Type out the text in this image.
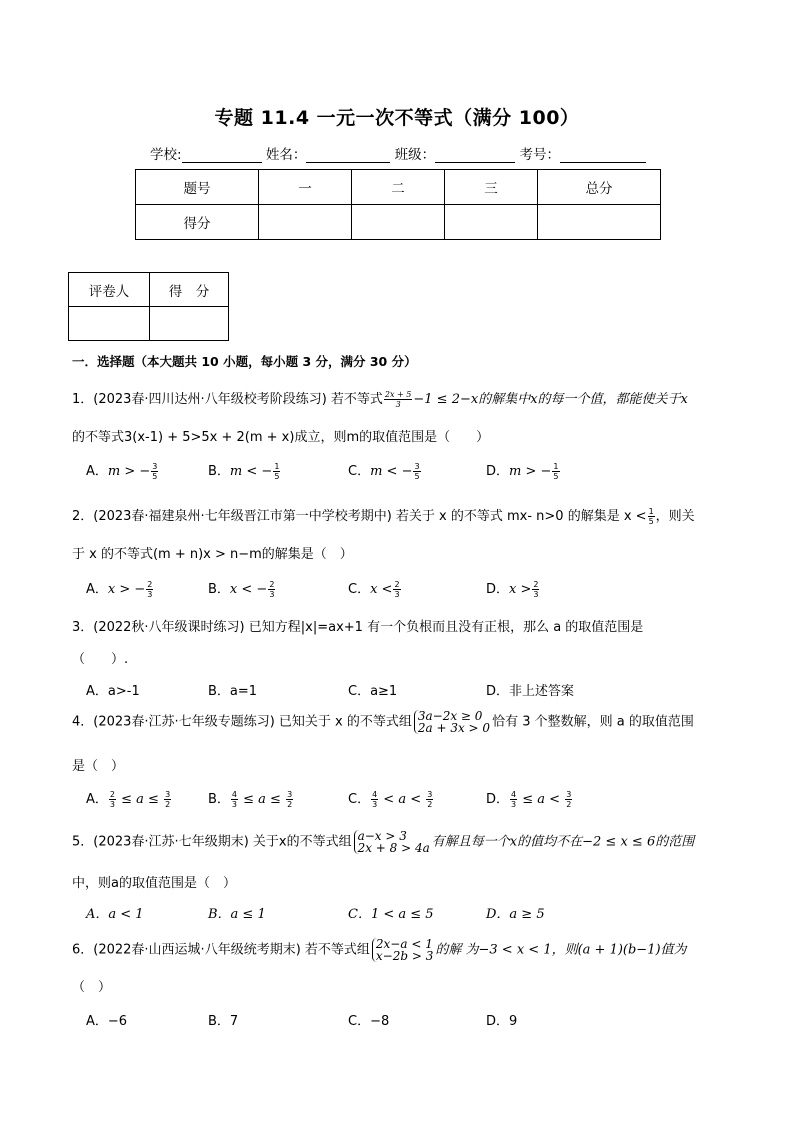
专题 11.4 一元一次不等式（满分 100）
学校:	姓名：	班级：	考号：
题号	一	二	三	总分
得分				
评卷人	得　分

一．选择题（本大题共 10 小题，每小题 3 分，满分 30 分）
1．(2023春·四川达州·八年级校考阶段练习) 若不等式 $\frac{2x + 5}{3} -1 \le 2-x$的解集中x的每一个值，都能使关于x
的不等式3(x-1) + 5>5x + 2(m + x)成立，则m的取值范围是（　　）
A．m > − $\frac{3}{5}$	B．m < − $\frac{1}{5}$	C．m < − $\frac{3}{5}$	D．m > − $\frac{1}{5}$
2．(2023春·福建泉州·七年级晋江市第一中学校考期中) 若关于 x 的不等式 mx- n>0 的解集是 $x < \frac{1}{5}$ ，则关
于 x 的不等式(m + n)x > n−m的解集是（　）
A．x > − $\frac{2}{3}$	B．x < − $\frac{2}{3}$	C．$x < \frac{2}{3}$	D．$x > \frac{2}{3}$
3．(2022秋·八年级课时练习) 已知方程|x|=ax+1 有一个负根而且没有正根，那么 a 的取值范围是
（　　）.
A．a>-1	B．a=1	C．a≥1	D．非上述答案
4．(2023春·江苏·七年级专题练习) 已知关于 x 的不等式组 3a−2x ≥ 0
2a + 3x > 0 恰有 3 个整数解，则 a 的取值范围
是（　）
A． $\frac{2}{3} \le a \le \frac{3}{2}$	B． $\frac{4}{3} \le a \le \frac{3}{2}$	C． $\frac{4}{3} < a < \frac{3}{2}$	D． $\frac{4}{3} \le a < \frac{3}{2}$
5．(2023春·江苏·七年级期末) 关于x的不等式组 a−x > 3
2x + 8 > 4a 有解且每一个x的值均不在−2 ≤ x ≤ 6的范围
中，则a的取值范围是（　）
A．a < 1	B．a ≤ 1	C．1 < a ≤ 5	D．a ≥ 5
6．(2022春·山西运城·八年级统考期末) 若不等式组 2x−a < 1
x−2b > 3 的解 为−3 < x < 1，则(a + 1)(b−1)值为
（　）
A．−6	B．7	C．−8	D．9
